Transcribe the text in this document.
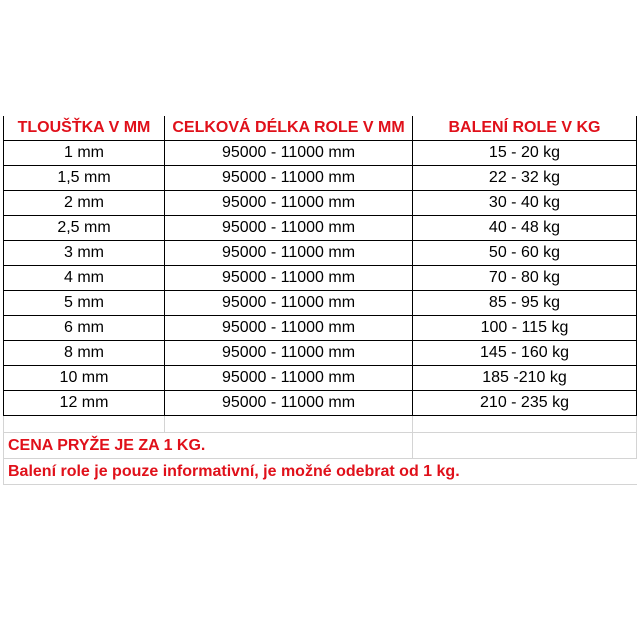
TLOUŠŤKA V MM	CELKOVÁ DÉLKA ROLE V MM	BALENÍ ROLE V KG
1 mm	95000 - 11000 mm	15 - 20 kg
1,5 mm	95000 - 11000 mm	22 - 32 kg
2 mm	95000 - 11000 mm	30 - 40 kg
2,5 mm	95000 - 11000 mm	40 - 48 kg
3 mm	95000 - 11000 mm	50 - 60 kg
4 mm	95000 - 11000 mm	70 - 80 kg
5 mm	95000 - 11000 mm	85 - 95 kg
6 mm	95000 - 11000 mm	100 - 115 kg
8 mm	95000 - 11000 mm	145 - 160 kg
10 mm	95000 - 11000 mm	185 -210 kg
12 mm	95000 - 11000 mm	210 - 235 kg

CENA PRYŽE JE ZA 1 KG.		
Balení role je pouze informativní, je možné odebrat od 1 kg.		
